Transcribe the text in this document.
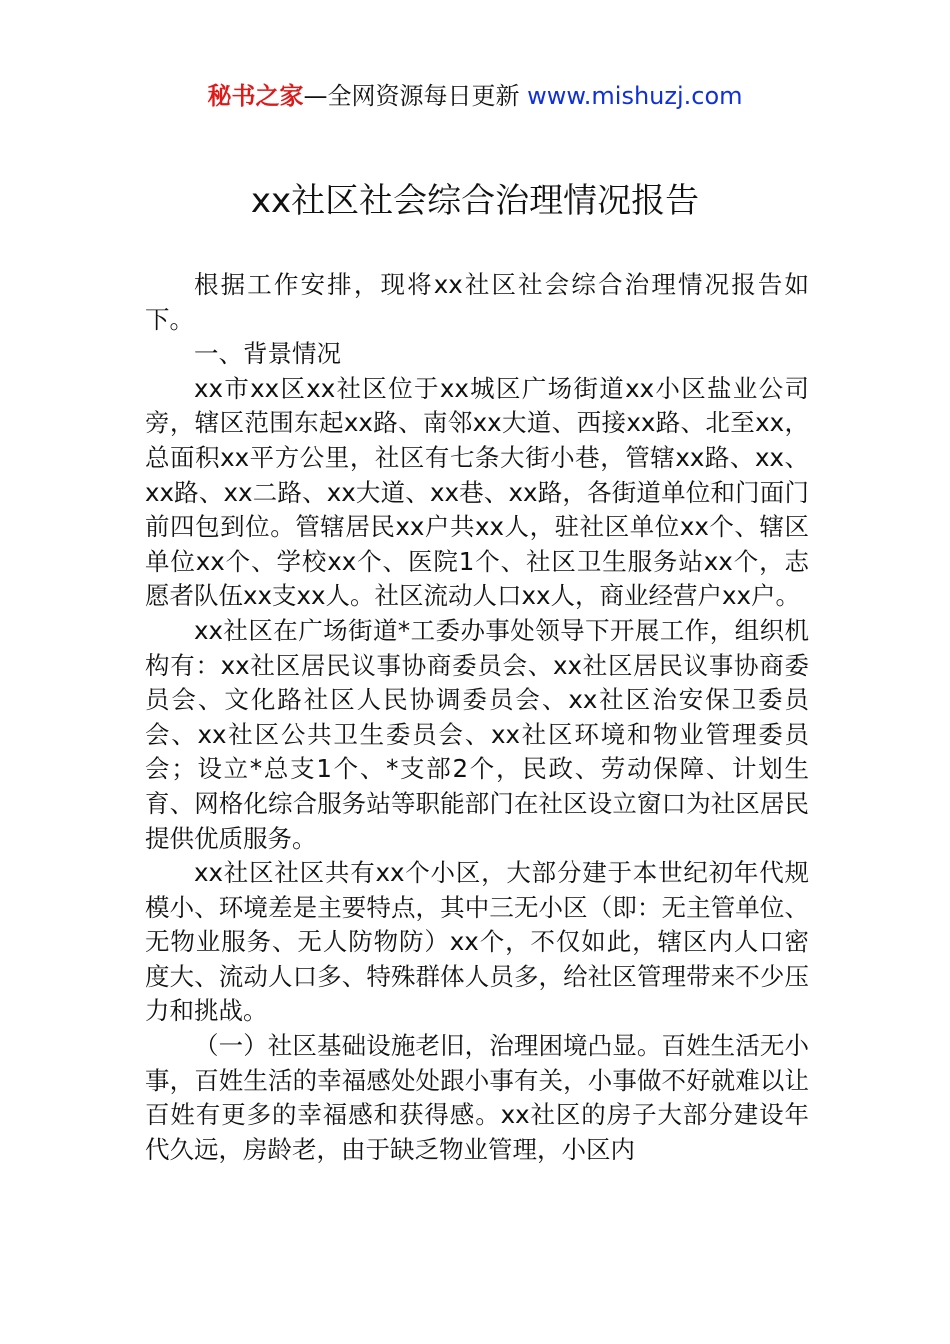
秘书之家—全网资源每日更新 www.mishuzj.com
xx社区社会综合治理情况报告

根据工作安排，现将xx社区社会综合治理情况报告如下。

一、背景情况

xx市xx区xx社区位于xx城区广场街道xx小区盐业公司旁，辖区范围东起xx路、南邻xx大道、西接xx路、北至xx，总面积xx平方公里，社区有七条大街小巷，管辖xx路、xx、xx路、xx二路、xx大道、xx巷、xx路，各街道单位和门面门前四包到位。管辖居民xx户共xx人，驻社区单位xx个、辖区单位xx个、学校xx个、医院1个、社区卫生服务站xx个，志愿者队伍xx支xx人。社区流动人口xx人，商业经营户xx户。

xx社区在广场街道*工委办事处领导下开展工作，组织机构有：xx社区居民议事协商委员会、xx社区居民议事协商委员会、文化路社区人民协调委员会、xx社区治安保卫委员会、xx社区公共卫生委员会、xx社区环境和物业管理委员会；设立*总支1个、*支部2个，民政、劳动保障、计划生育、网格化综合服务站等职能部门在社区设立窗口为社区居民提供优质服务。

xx社区社区共有xx个小区，大部分建于本世纪初年代规模小、环境差是主要特点，其中三无小区（即：无主管单位、无物业服务、无人防物防）xx个，不仅如此，辖区内人口密度大、流动人口多、特殊群体人员多，给社区管理带来不少压力和挑战。

（一）社区基础设施老旧，治理困境凸显。百姓生活无小事，百姓生活的幸福感处处跟小事有关，小事做不好就难以让百姓有更多的幸福感和获得感。xx社区的房子大部分建设年代久远，房龄老，由于缺乏物业管理，小区内
